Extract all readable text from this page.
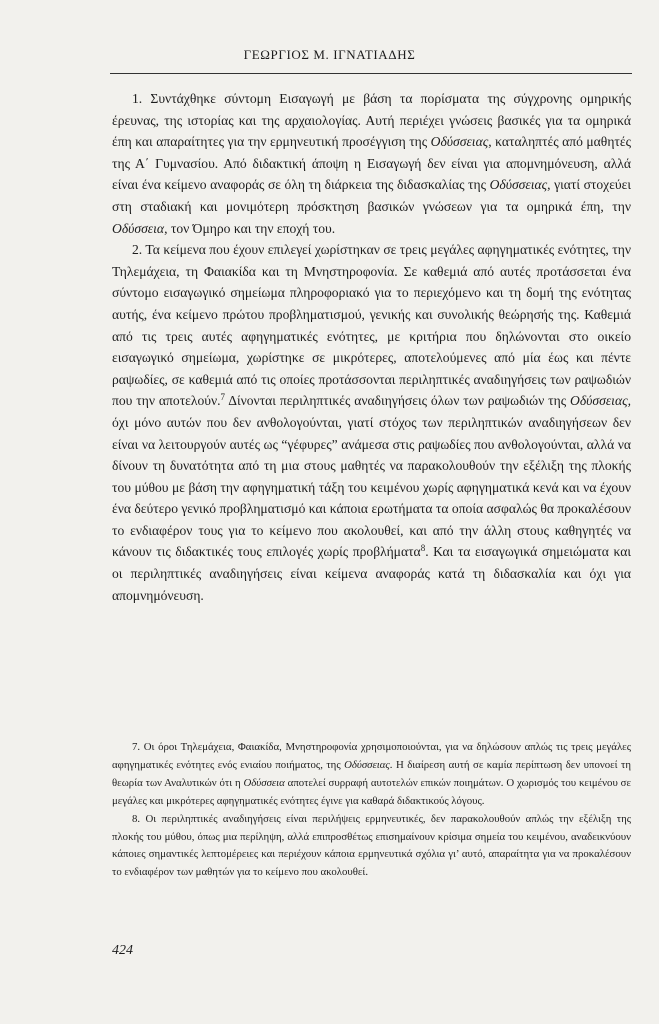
ΓΕΩΡΓΙΟΣ Μ. ΙΓΝΑΤΙΑΔΗΣ

1. Συντάχθηκε σύντομη Εισαγωγή με βάση τα πορίσματα της σύγχρονης ομηρικής έρευνας, της ιστορίας και της αρχαιολογίας. Αυτή περιέχει γνώσεις βασικές για τα ομηρικά έπη και απαραίτητες για την ερμηνευτική προσέγγιση της Οδύσσειας, καταληπτές από μαθητές της Α΄ Γυμνασίου. Από διδακτική άποψη η Εισαγωγή δεν είναι για απομνημόνευση, αλλά είναι ένα κείμενο αναφοράς σε όλη τη διάρκεια της διδασκαλίας της Οδύσσειας, γιατί στοχεύει στη σταδιακή και μονιμότερη πρόσκτηση βασικών γνώσεων για τα ομηρικά έπη, την Οδύσσεια, τον Όμηρο και την εποχή του.

2. Τα κείμενα που έχουν επιλεγεί χωρίστηκαν σε τρεις μεγάλες αφηγηματικές ενότητες, την Τηλεμάχεια, τη Φαιακίδα και τη Μνηστηροφονία. Σε καθεμιά από αυτές προτάσσεται ένα σύντομο εισαγωγικό σημείωμα πληροφοριακό για το περιεχόμενο και τη δομή της ενότητας αυτής, ένα κείμενο πρώτου προβληματισμού, γενικής και συνολικής θεώρησής της. Καθεμιά από τις τρεις αυτές αφηγηματικές ενότητες, με κριτήρια που δηλώνονται στο οικείο εισαγωγικό σημείωμα, χωρίστηκε σε μικρότερες, αποτελούμενες από μία έως και πέντε ραψωδίες, σε καθεμιά από τις οποίες προτάσσονται περιληπτικές αναδιηγήσεις των ραψωδιών που την αποτελούν.$^7$ Δίνονται περιληπτικές αναδιηγήσεις όλων των ραψωδιών της Οδύσσειας, όχι μόνο αυτών που δεν ανθολογούνται, γιατί στόχος των περιληπτικών αναδιηγήσεων δεν είναι να λειτουργούν αυτές ως “γέφυρες” ανάμεσα στις ραψωδίες που ανθολογούνται, αλλά να δίνουν τη δυνατότητα από τη μια στους μαθητές να παρακολουθούν την εξέλιξη της πλοκής του μύθου με βάση την αφηγηματική τάξη του κειμένου χωρίς αφηγηματικά κενά και να έχουν ένα δεύτερο γενικό προβληματισμό και κάποια ερωτήματα τα οποία ασφαλώς θα προκαλέσουν το ενδιαφέρον τους για το κείμενο που ακολουθεί, και από την άλλη στους καθηγητές να κάνουν τις διδακτικές τους επιλογές χωρίς προβλήματα$^8$. Και τα εισαγωγικά σημειώματα και οι περιληπτικές αναδιηγήσεις είναι κείμενα αναφοράς κατά τη διδασκαλία και όχι για απομνημόνευση.

7. Οι όροι Τηλεμάχεια, Φαιακίδα, Μνηστηροφονία χρησιμοποιούνται, για να δηλώσουν απλώς τις τρεις μεγάλες αφηγηματικές ενότητες ενός ενιαίου ποιήματος, της Οδύσσειας. Η διαίρεση αυτή σε καμία περίπτωση δεν υπονοεί τη θεωρία των Αναλυτικών ότι η Οδύσσεια αποτελεί συρραφή αυτοτελών επικών ποιημάτων. Ο χωρισμός του κειμένου σε μεγάλες και μικρότερες αφηγηματικές ενότητες έγινε για καθαρά διδακτικούς λόγους.

8. Οι περιληπτικές αναδιηγήσεις είναι περιλήψεις ερμηνευτικές, δεν παρακολουθούν απλώς την εξέλιξη της πλοκής του μύθου, όπως μια περίληψη, αλλά επιπροσθέτως επισημαίνουν κρίσιμα σημεία του κειμένου, αναδεικνύουν κάποιες σημαντικές λεπτομέρειες και περιέχουν κάποια ερμηνευτικά σχόλια γι’ αυτό, απαραίτητα για να προκαλέσουν το ενδιαφέρον των μαθητών για το κείμενο που ακολουθεί.

424
